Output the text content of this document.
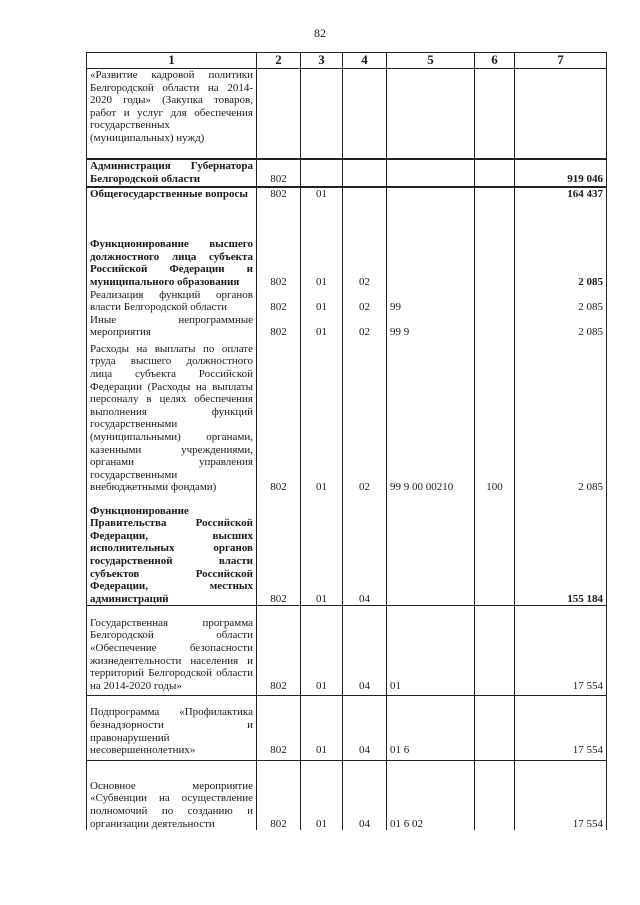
82
1	2	3	4	5	6	7
«Развитие кадровой политики Белгородской области на 2014-2020 годы» (Закупка товаров, работ и услуг для обеспечения государственных (муниципальных) нужд)						
Администрация Губернатора Белгородской области	802					919 046
Общегосударственные вопросы	802	01				164 437
Функционирование высшего должностного лица субъекта Российской Федерации и муниципального образования	802	01	02			2 085
Реализация функций органов власти Белгородской области	802	01	02	99		2 085
Иные непрограммные мероприятия	802	01	02	99 9		2 085
Расходы на выплаты по оплате труда высшего должностного лица субъекта Российской Федерации (Расходы на выплаты персоналу в целях обеспечения выполнения функций государственными (муниципальными) органами, казенными учреждениями, органами управления государственными внебюджетными фондами)	802	01	02	99 9 00 00210	100	2 085
Функционирование Правительства Российской Федерации, высших исполнительных органов государственной власти субъектов Российской Федерации, местных администраций	802	01	04			155 184
Государственная программа Белгородской области «Обеспечение безопасности жизнедеятельности населения и территорий Белгородской области на 2014-2020 годы»	802	01	04	01		17 554
Подпрограмма «Профилактика безнадзорности и правонарушений несовершеннолетних»	802	01	04	01 6		17 554
Основное мероприятие «Субвенции на осуществление полномочий по созданию и организации деятельности	802	01	04	01 6 02		17 554
